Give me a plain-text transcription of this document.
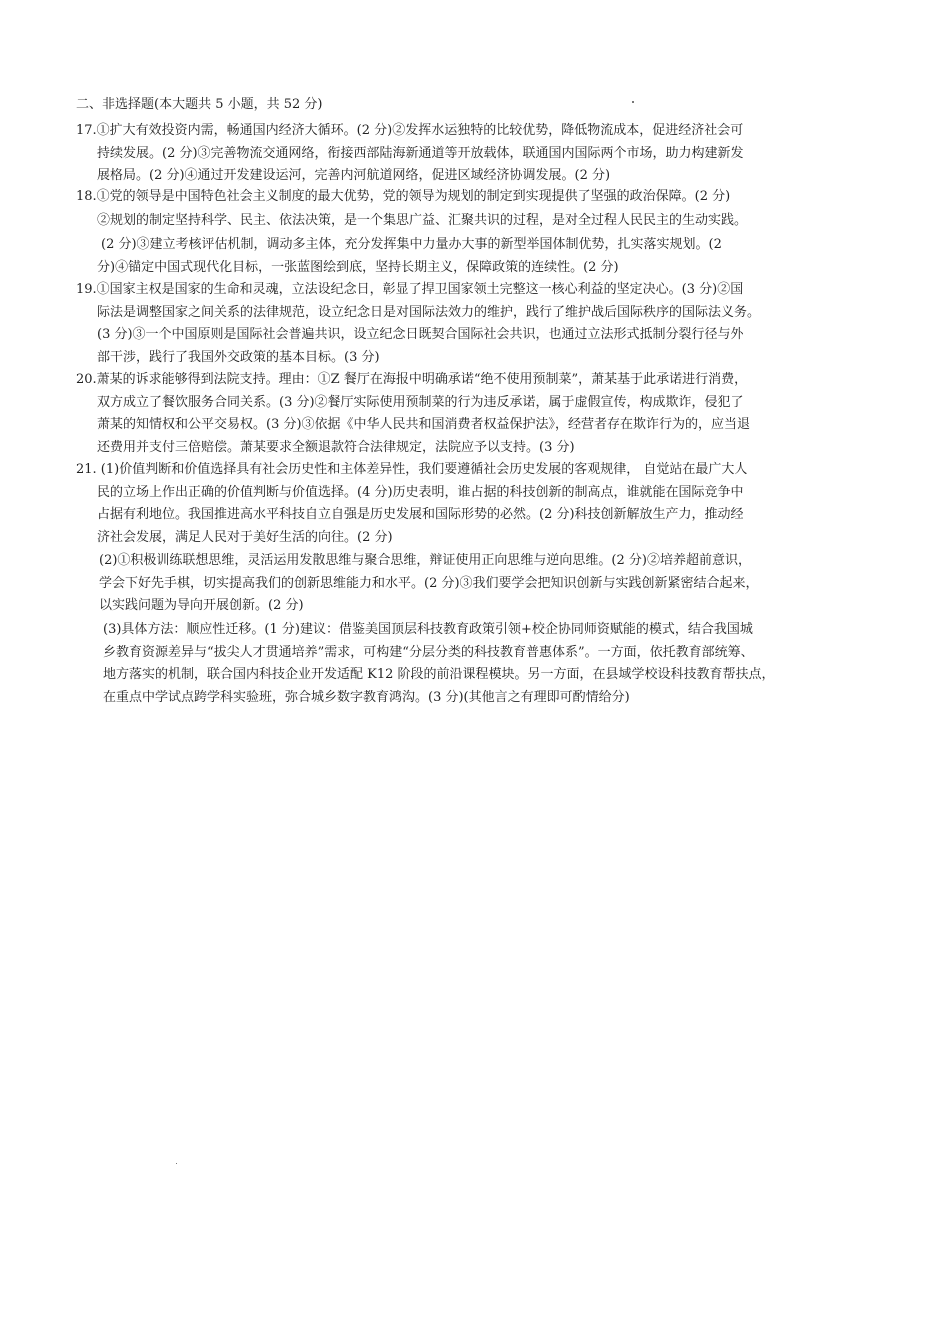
二、非选择题(本大题共 5 小题，共 52 分)
17.①扩大有效投资内需，畅通国内经济大循环。(2 分)②发挥水运独特的比较优势，降低物流成本，促进经济社会可
持续发展。(2 分)③完善物流交通网络，衔接西部陆海新通道等开放载体，联通国内国际两个市场，助力构建新发
展格局。(2 分)④通过开发建设运河，完善内河航道网络，促进区域经济协调发展。(2 分)
18.①党的领导是中国特色社会主义制度的最大优势，党的领导为规划的制定到实现提供了坚强的政治保障。(2 分)
②规划的制定坚持科学、民主、依法决策，是一个集思广益、汇聚共识的过程，是对全过程人民民主的生动实践。
(2 分)③建立考核评估机制，调动多主体，充分发挥集中力量办大事的新型举国体制优势，扎实落实规划。(2
分)④锚定中国式现代化目标，一张蓝图绘到底，坚持长期主义，保障政策的连续性。(2 分)
19.①国家主权是国家的生命和灵魂，立法设纪念日，彰显了捍卫国家领土完整这一核心利益的坚定决心。(3 分)②国
际法是调整国家之间关系的法律规范，设立纪念日是对国际法效力的维护，践行了维护战后国际秩序的国际法义务。
(3 分)③一个中国原则是国际社会普遍共识，设立纪念日既契合国际社会共识，也通过立法形式抵制分裂行径与外
部干涉，践行了我国外交政策的基本目标。(3 分)
20.萧某的诉求能够得到法院支持。理由：①Z 餐厅在海报中明确承诺“绝不使用预制菜”，萧某基于此承诺进行消费，
双方成立了餐饮服务合同关系。(3 分)②餐厅实际使用预制菜的行为违反承诺，属于虚假宣传，构成欺诈，侵犯了
萧某的知情权和公平交易权。(3 分)③依据《中华人民共和国消费者权益保护法》，经营者存在欺诈行为的，应当退
还费用并支付三倍赔偿。萧某要求全额退款符合法律规定，法院应予以支持。(3 分)
21. (1)价值判断和价值选择具有社会历史性和主体差异性，我们要遵循社会历史发展的客观规律， 自觉站在最广大人
民的立场上作出正确的价值判断与价值选择。(4 分)历史表明，谁占据的科技创新的制高点，谁就能在国际竞争中
占据有利地位。我国推进高水平科技自立自强是历史发展和国际形势的必然。(2 分)科技创新解放生产力，推动经
济社会发展，满足人民对于美好生活的向往。(2 分)
(2)①积极训练联想思维，灵活运用发散思维与聚合思维，辩证使用正向思维与逆向思维。(2 分)②培养超前意识，
学会下好先手棋，切实提高我们的创新思维能力和水平。(2 分)③我们要学会把知识创新与实践创新紧密结合起来，
以实践问题为导向开展创新。(2 分)
(3)具体方法：顺应性迁移。(1 分)建议：借鉴美国顶层科技教育政策引领+校企协同师资赋能的模式，结合我国城
乡教育资源差异与“拔尖人才贯通培养”需求，可构建“分层分类的科技教育普惠体系”。一方面，依托教育部统筹、
地方落实的机制，联合国内科技企业开发适配 K12 阶段的前沿课程模块。另一方面，在县域学校设科技教育帮扶点，
在重点中学试点跨学科实验班，弥合城乡数字教育鸿沟。(3 分)(其他言之有理即可酌情给分)
